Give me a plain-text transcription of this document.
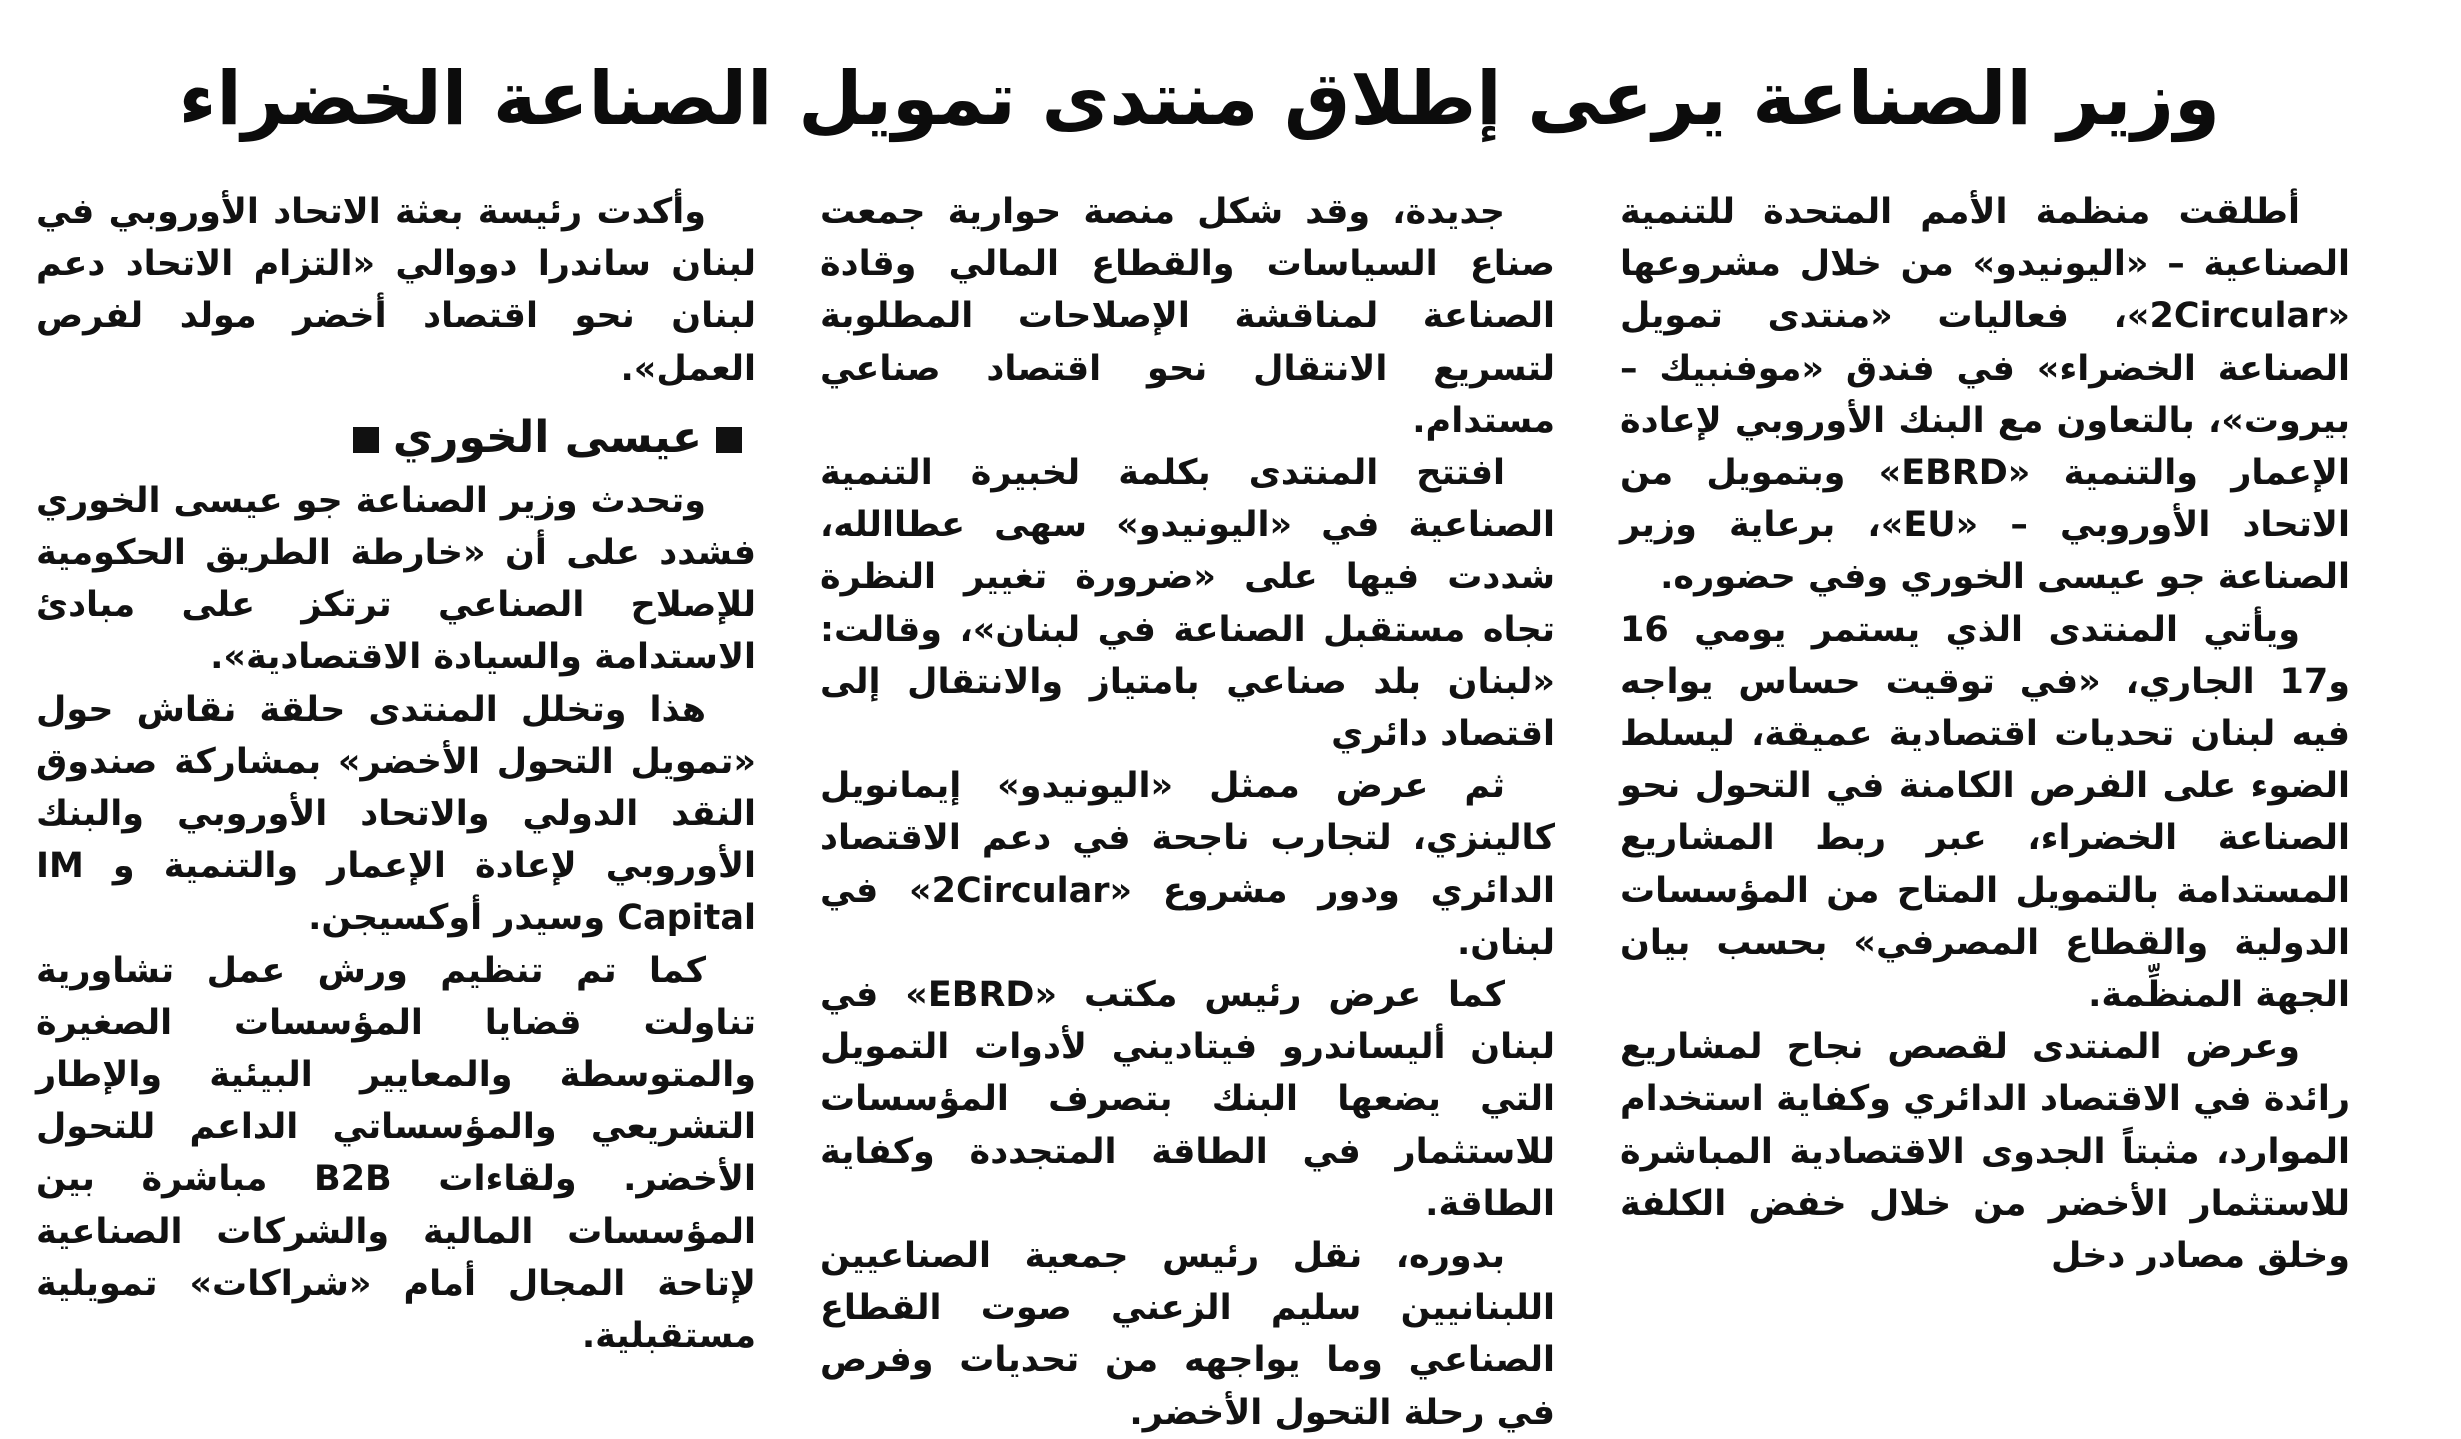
وزير الصناعة يرعى إطلاق منتدى تمويل الصناعة الخضراء

أطلقت منظمة الأمم المتحدة للتنمية الصناعية – «اليونيدو» من خلال مشروعها «2Circular»، فعاليات «منتدى تمويل الصناعة الخضراء» في فندق «موفنبيك – بيروت»، بالتعاون مع البنك الأوروبي لإعادة الإعمار والتنمية «EBRD» وبتمويل من الاتحاد الأوروبي – «EU»، برعاية وزير الصناعة جو عيسى الخوري وفي حضوره.

ويأتي المنتدى الذي يستمر يومي 16 و17 الجاري، «في توقيت حساس يواجه فيه لبنان تحديات اقتصادية عميقة، ليسلط الضوء على الفرص الكامنة في التحول نحو الصناعة الخضراء، عبر ربط المشاريع المستدامة بالتمويل المتاح من المؤسسات الدولية والقطاع المصرفي» بحسب بيان الجهة المنظِّمة.

وعرض المنتدى لقصص نجاح لمشاريع رائدة في الاقتصاد الدائري وكفاية استخدام الموارد، مثبتاً الجدوى الاقتصادية المباشرة للاستثمار الأخضر من خلال خفض الكلفة وخلق مصادر دخل

جديدة، وقد شكل منصة حوارية جمعت صناع السياسات والقطاع المالي وقادة الصناعة لمناقشة الإصلاحات المطلوبة لتسريع الانتقال نحو اقتصاد صناعي مستدام.

افتتح المنتدى بكلمة لخبيرة التنمية الصناعية في «اليونيدو» سهى عطاالله، شددت فيها على «ضرورة تغيير النظرة تجاه مستقبل الصناعة في لبنان»، وقالت: «لبنان بلد صناعي بامتياز والانتقال إلى اقتصاد دائري

ثم عرض ممثل «اليونيدو» إيمانويل كالينزي، لتجارب ناجحة في دعم الاقتصاد الدائري ودور مشروع «2Circular» في لبنان.

كما عرض رئيس مكتب «EBRD» في لبنان أليساندرو فيتاديني لأدوات التمويل التي يضعها البنك بتصرف المؤسسات للاستثمار في الطاقة المتجددة وكفاية الطاقة.

بدوره، نقل رئيس جمعية الصناعيين اللبنانيين سليم الزعني صوت القطاع الصناعي وما يواجهه من تحديات وفرص في رحلة التحول الأخضر.

وأكدت رئيسة بعثة الاتحاد الأوروبي في لبنان ساندرا دووالي «التزام الاتحاد دعم لبنان نحو اقتصاد أخضر مولد لفرص العمل».

عيسى الخوري

وتحدث وزير الصناعة جو عيسى الخوري فشدد على أن «خارطة الطريق الحكومية للإصلاح الصناعي ترتكز على مبادئ الاستدامة والسيادة الاقتصادية».

هذا وتخلل المنتدى حلقة نقاش حول «تمويل التحول الأخضر» بمشاركة صندوق النقد الدولي والاتحاد الأوروبي والبنك الأوروبي لإعادة الإعمار والتنمية و IM Capital وسيدر أوكسيجن.

كما تم تنظيم ورش عمل تشاورية تناولت قضايا المؤسسات الصغيرة والمتوسطة والمعايير البيئية والإطار التشريعي والمؤسساتي الداعم للتحول الأخضر. ولقاءات B2B مباشرة بين المؤسسات المالية والشركات الصناعية لإتاحة المجال أمام «شراكات» تمويلية مستقبلية.
